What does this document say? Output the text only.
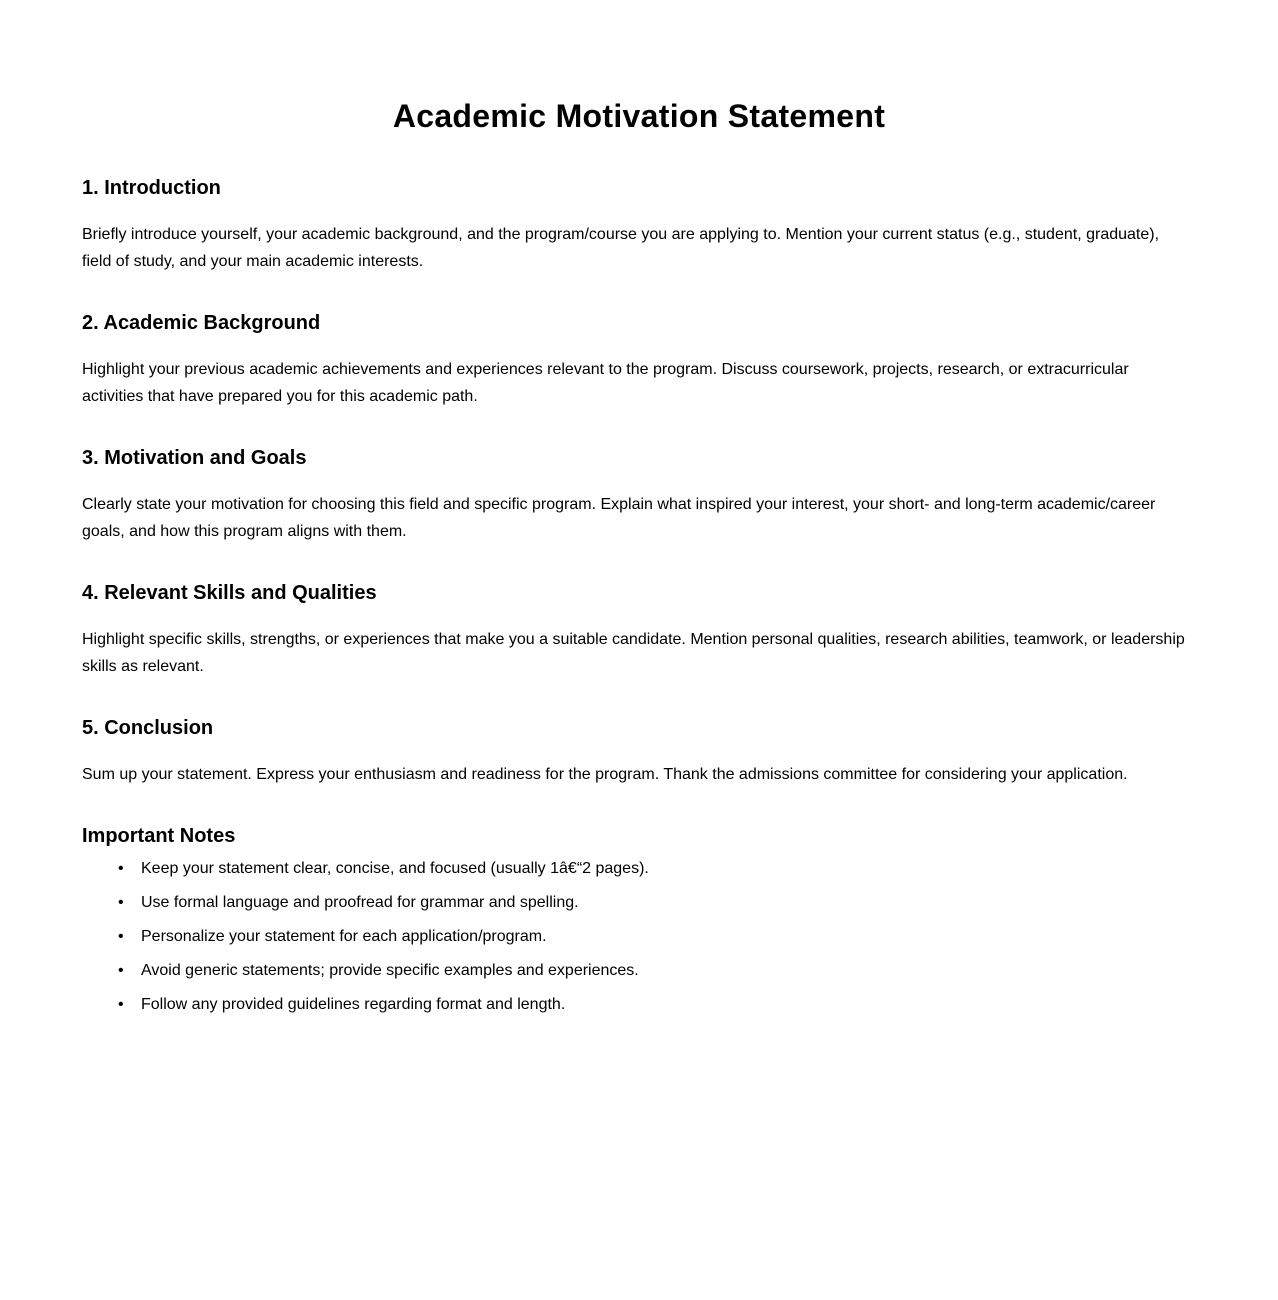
Academic Motivation Statement
1. Introduction

Briefly introduce yourself, your academic background, and the program/course you are applying to. Mention your current status (e.g., student, graduate), field of study, and your main academic interests.

2. Academic Background

Highlight your previous academic achievements and experiences relevant to the program. Discuss coursework, projects, research, or extracurricular activities that have prepared you for this academic path.

3. Motivation and Goals

Clearly state your motivation for choosing this field and specific program. Explain what inspired your interest, your short- and long-term academic/career goals, and how this program aligns with them.

4. Relevant Skills and Qualities

Highlight specific skills, strengths, or experiences that make you a suitable candidate. Mention personal qualities, research abilities, teamwork, or leadership skills as relevant.

5. Conclusion

Sum up your statement. Express your enthusiasm and readiness for the program. Thank the admissions committee for considering your application.

Important Notes
• Keep your statement clear, concise, and focused (usually 1â€“2 pages).
• Use formal language and proofread for grammar and spelling.
• Personalize your statement for each application/program.
• Avoid generic statements; provide specific examples and experiences.
• Follow any provided guidelines regarding format and length.
